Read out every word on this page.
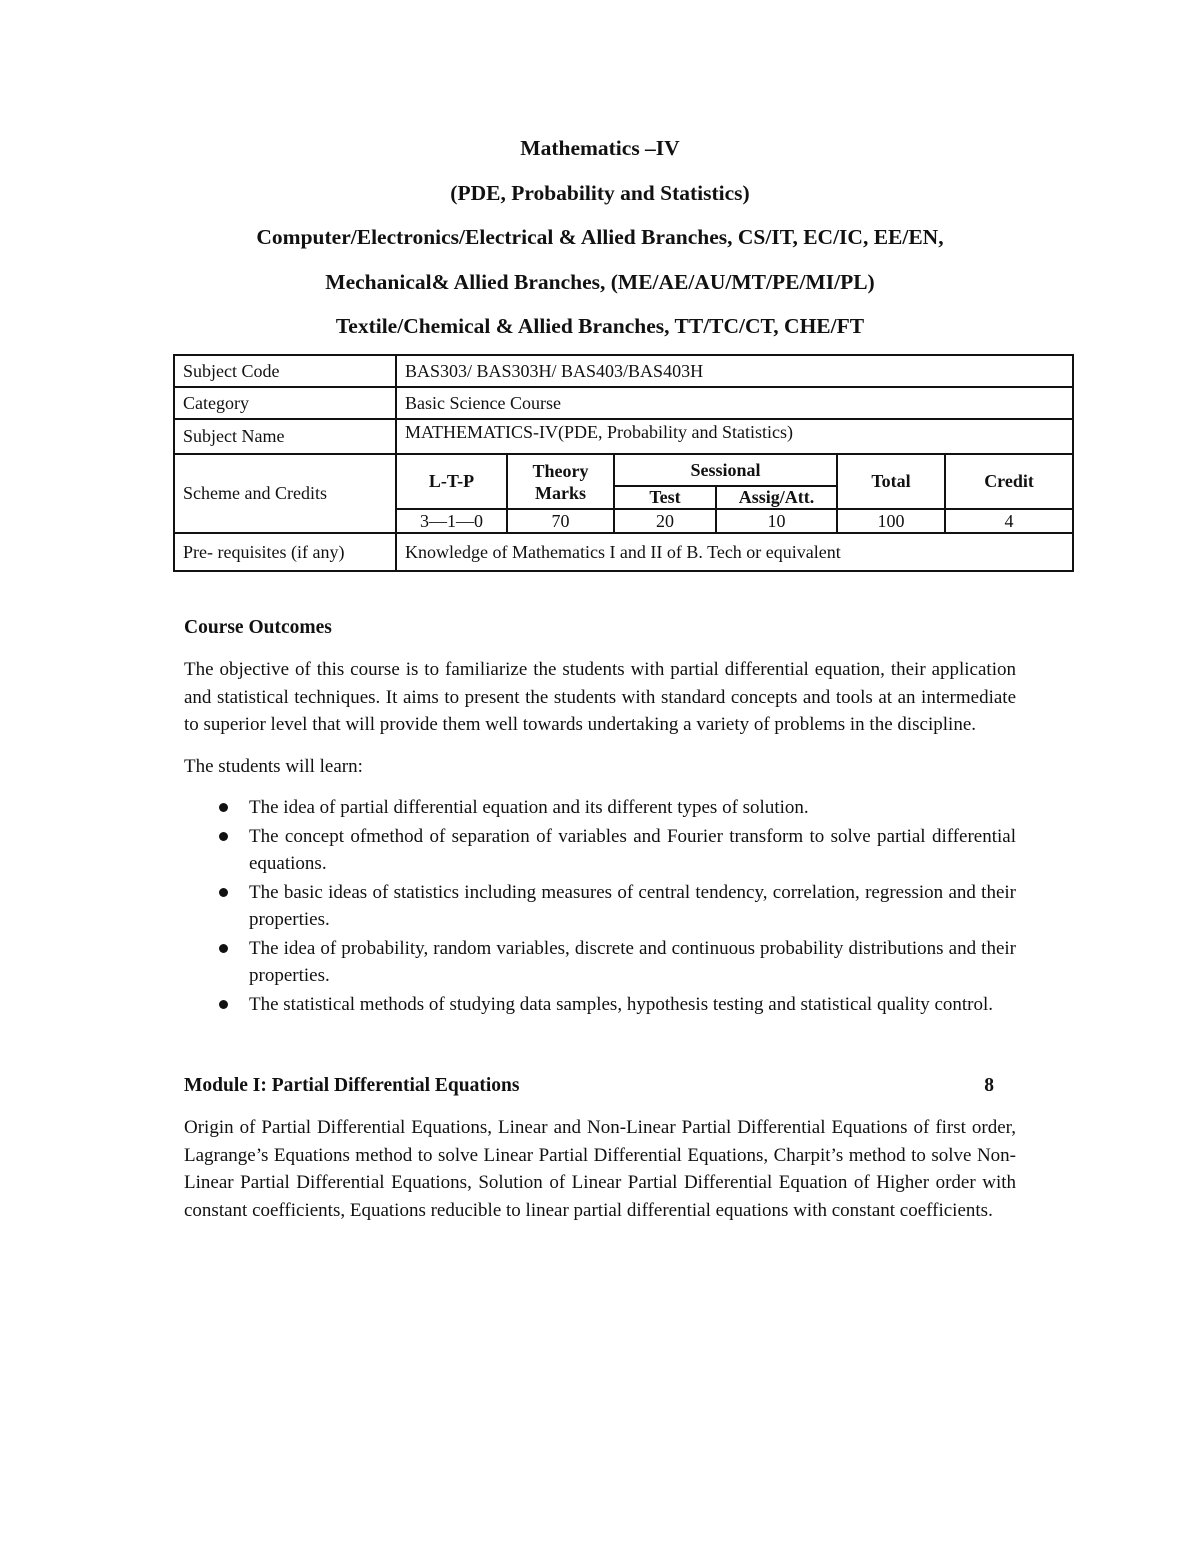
Mathematics –IV
(PDE, Probability and Statistics)
Computer/Electronics/Electrical & Allied Branches, CS/IT, EC/IC, EE/EN,
Mechanical& Allied Branches, (ME/AE/AU/MT/PE/MI/PL)
Textile/Chemical & Allied Branches, TT/TC/CT, CHE/FT
Subject Code	BAS303/ BAS303H/ BAS403/BAS403H					
Category	Basic Science Course					
Subject Name	MATHEMATICS-IV(PDE, Probability and Statistics)					
Scheme and Credits	L-T-P	Theory Marks	Sessional		Total	Credit
			Test	Assig/Att.		
	3—1—0	70	20	10	100	4
Pre- requisites (if any)	Knowledge of Mathematics I and II of B. Tech or equivalent					
Course Outcomes
The objective of this course is to familiarize the students with partial differential equation, their application and statistical techniques. It aims to present the students with standard concepts and tools at an intermediate to superior level that will provide them well towards undertaking a variety of problems in the discipline.
The students will learn:
The idea of partial differential equation and its different types of solution.
The concept ofmethod of separation of variables and Fourier transform to solve partial differential equations.
The basic ideas of statistics including measures of central tendency, correlation, regression and their properties.
The idea of probability, random variables, discrete and continuous probability distributions and their properties.
The statistical methods of studying data samples, hypothesis testing and statistical quality control.
Module I: Partial Differential Equations	8
Origin of Partial Differential Equations, Linear and Non-Linear Partial Differential Equations of first order, Lagrange’s Equations method to solve Linear Partial Differential Equations, Charpit’s method to solve Non-Linear Partial Differential Equations, Solution of Linear Partial Differential Equation of Higher order with constant coefficients, Equations reducible to linear partial differential equations with constant coefficients.
